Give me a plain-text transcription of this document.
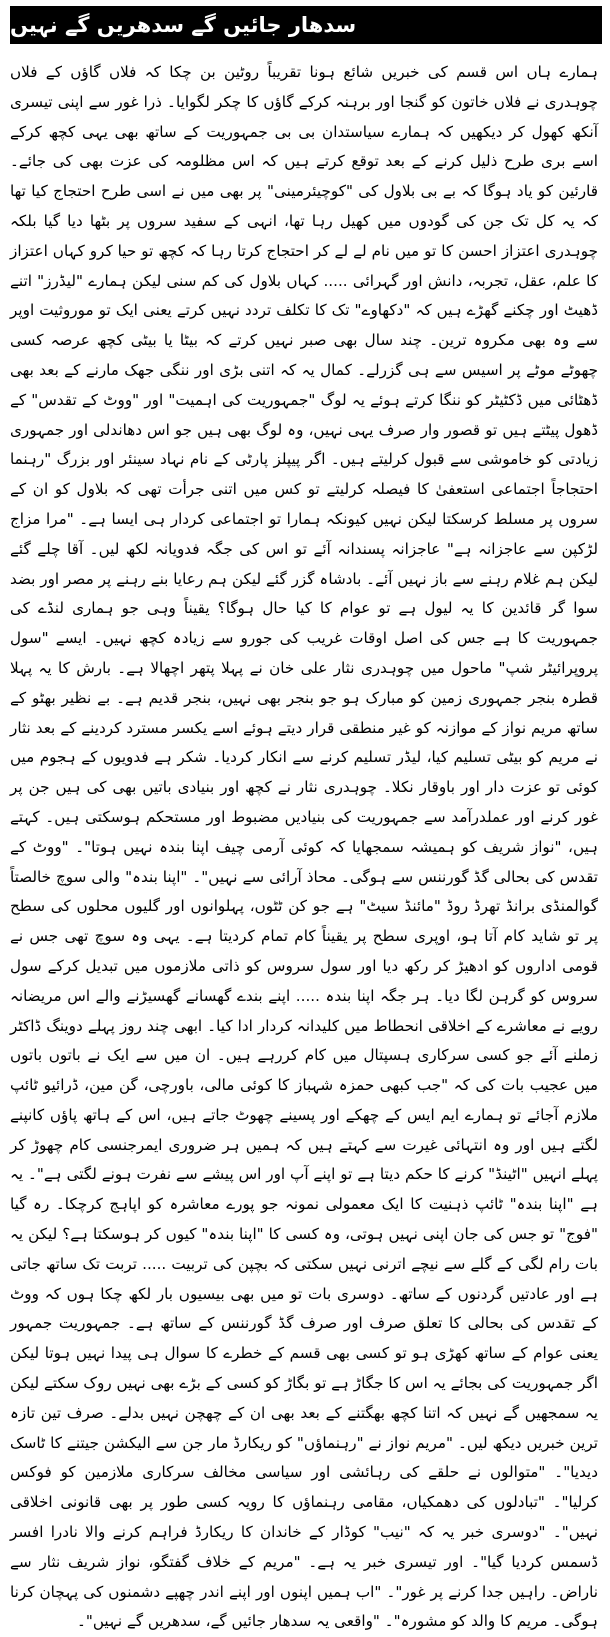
سدھار جائیں گے سدھریں گے نہیں

ہمارے ہاں اس قسم کی خبریں شائع ہونا تقریباً روٹین بن چکا کہ فلاں گاؤں کے فلاں چوہدری نے فلاں خاتون کو گنجا اور برہنہ کرکے گاؤں کا چکر لگوایا۔ ذرا غور سے اپنی تیسری آنکھ کھول کر دیکھیں کہ ہمارے سیاستدان بی بی جمہوریت کے ساتھ بھی یہی کچھ کرکے اسے بری طرح ذلیل کرنے کے بعد توقع کرتے ہیں کہ اس مظلومہ کی عزت بھی کی جائے۔ قارئین کو یاد ہوگا کہ بے بی بلاول کی "کوچیئرمینی" پر بھی میں نے اسی طرح احتجاج کیا تھا کہ یہ کل تک جن کی گودوں میں کھیل رہا تھا، انہی کے سفید سروں پر بٹھا دیا گیا بلکہ چوہدری اعتزاز احسن کا تو میں نام لے لے کر احتجاج کرتا رہا کہ کچھ تو حیا کرو کہاں اعتزاز کا علم، عقل، تجربہ، دانش اور گہرائی ..... کہاں بلاول کی کم سنی لیکن ہمارے "لیڈرز" اتنے ڈھیٹ اور چکنے گھڑے ہیں کہ "دکھاوے" تک کا تکلف تردد نہیں کرتے یعنی ایک تو موروثیت اوپر سے وہ بھی مکروہ ترین۔ چند سال بھی صبر نہیں کرتے کہ بیٹا یا بیٹی کچھ عرصہ کسی چھوٹے موٹے پر اسیس سے ہی گزرلے۔ کمال یہ کہ اتنی بڑی اور ننگی جھک مارنے کے بعد بھی ڈھٹائی میں ڈکٹیٹر کو ننگا کرتے ہوئے یہ لوگ "جمہوریت کی اہمیت" اور "ووٹ کے تقدس" کے ڈھول پیٹتے ہیں تو قصور وار صرف یہی نہیں، وہ لوگ بھی ہیں جو اس دھاندلی اور جمہوری زیادتی کو خاموشی سے قبول کرلیتے ہیں۔ اگر پیپلز پارٹی کے نام نہاد سینئر اور بزرگ "رہنما احتجاجاً اجتماعی استعفیٰ کا فیصلہ کرلیتے تو کس میں اتنی جرأت تھی کہ بلاول کو ان کے سروں پر مسلط کرسکتا لیکن نہیں کیونکہ ہمارا تو اجتماعی کردار ہی ایسا ہے۔ "مرا مزاج لڑکپن سے عاجزانہ ہے" عاجزانہ پسندانہ آئے تو اس کی جگہ فدویانہ لکھ لیں۔ آقا چلے گئے لیکن ہم غلام رہنے سے باز نہیں آئے۔ بادشاہ گزر گئے لیکن ہم رعایا بنے رہنے پر مصر اور بضد سوا گر قائدین کا یہ لیول ہے تو عوام کا کیا حال ہوگا؟ یقیناً وہی جو ہماری لنڈے کی جمہوریت کا ہے جس کی اصل اوقات غریب کی جورو سے زیادہ کچھ نہیں۔ ایسے "سول پروپرائیٹر شپ" ماحول میں چوہدری نثار علی خان نے پہلا پتھر اچھالا ہے۔ بارش کا یہ پہلا قطرہ بنجر جمہوری زمین کو مبارک ہو جو بنجر بھی نہیں، بنجر قدیم ہے۔ بے نظیر بھٹو کے ساتھ مریم نواز کے موازنہ کو غیر منطقی قرار دیتے ہوئے اسے یکسر مسترد کردینے کے بعد نثار نے مریم کو بیٹی تسلیم کیا، لیڈر تسلیم کرنے سے انکار کردیا۔ شکر ہے فدویوں کے ہجوم میں کوئی تو عزت دار اور باوقار نکلا۔ چوہدری نثار نے کچھ اور بنیادی باتیں بھی کی ہیں جن پر غور کرنے اور عملدرآمد سے جمہوریت کی بنیادیں مضبوط اور مستحکم ہوسکتی ہیں۔ کہتے ہیں، "نواز شریف کو ہمیشہ سمجھایا کہ کوئی آرمی چیف اپنا بندہ نہیں ہوتا"۔ "ووٹ کے تقدس کی بحالی گڈ گورننس سے ہوگی۔ محاذ آرائی سے نہیں"۔ "اپنا بندہ" والی سوچ خالصتاً گوالمنڈی برانڈ تھرڈ روڈ "مائنڈ سیٹ" ہے جو کن ٹٹوں، پہلوانوں اور گلیوں محلوں کی سطح پر تو شاید کام آتا ہو، اوپری سطح پر یقیناً کام تمام کردیتا ہے۔ یہی وہ سوچ تھی جس نے قومی اداروں کو ادھیڑ کر رکھ دیا اور سول سروس کو ذاتی ملازموں میں تبدیل کرکے سول سروس کو گرہن لگا دیا۔ ہر جگہ اپنا بندہ ..... اپنے بندے گھسانے گھسیڑنے والے اس مریضانہ رویے نے معاشرے کے اخلاقی انحطاط میں کلیدانہ کردار ادا کیا۔ ابھی چند روز پہلے دوینگ ڈاکٹر زملنے آئے جو کسی سرکاری ہسپتال میں کام کررہے ہیں۔ ان میں سے ایک نے باتوں باتوں میں عجیب بات کی کہ "جب کبھی حمزہ شہباز کا کوئی مالی، باورچی، گن مین، ڈرائیو ٹائپ ملازم آجائے تو ہمارے ایم ایس کے چھکے اور پسینے چھوٹ جاتے ہیں، اس کے ہاتھ پاؤں کانپنے لگتے ہیں اور وہ انتہائی غیرت سے کہتے ہیں کہ ہمیں ہر ضروری ایمرجنسی کام چھوڑ کر پہلے انہیں "اٹینڈ" کرنے کا حکم دیتا ہے تو اپنے آپ اور اس پیشے سے نفرت ہونے لگتی ہے"۔ یہ ہے "اپنا بندہ" ٹائپ ذہنیت کا ایک معمولی نمونہ جو پورے معاشرہ کو اپاہج کرچکا۔ رہ گیا "فوج" تو جس کی جان اپنی نہیں ہوتی، وہ کسی کا "اپنا بندہ" کیوں کر ہوسکتا ہے؟ لیکن یہ بات رام لگی کے گلے سے نیچے اترنی نہیں سکتی کہ بچپن کی تربیت ..... تربت تک ساتھ جاتی ہے اور عادتیں گردنوں کے ساتھ۔ دوسری بات تو میں بھی بیسیوں بار لکھ چکا ہوں کہ ووٹ کے تقدس کی بحالی کا تعلق صرف اور صرف گڈ گورننس کے ساتھ ہے۔ جمہوریت جمہور یعنی عوام کے ساتھ کھڑی ہو تو کسی بھی قسم کے خطرے کا سوال ہی پیدا نہیں ہوتا لیکن اگر جمہوریت کی بجائے یہ اس کا جگاڑ ہے تو بگاڑ کو کسی کے بڑے بھی نہیں روک سکتے لیکن یہ سمجھیں گے نہیں کہ اتنا کچھ بھگتنے کے بعد بھی ان کے چھچن نہیں بدلے۔ صرف تین تازہ ترین خبریں دیکھ لیں۔ "مریم نواز نے "رہنماؤں" کو ریکارڈ مار جن سے الیکشن جیتنے کا ٹاسک دیدیا"۔ "متوالوں نے حلقے کی رہائشی اور سیاسی مخالف سرکاری ملازمین کو فوکس کرلیا"۔ "تبادلوں کی دھمکیاں، مقامی رہنماؤں کا رویہ کسی طور پر بھی قانونی اخلاقی نہیں"۔ "دوسری خبر یہ کہ "نیب" کوڈار کے خاندان کا ریکارڈ فراہم کرنے والا نادرا افسر ڈسمس کردیا گیا"۔ اور تیسری خبر یہ ہے۔ "مریم کے خلاف گفتگو، نواز شریف نثار سے ناراض۔ راہیں جدا کرنے پر غور"۔ "اب ہمیں اپنوں اور اپنے اندر چھپے دشمنوں کی پہچان کرنا ہوگی۔ مریم کا والد کو مشورہ"۔ "واقعی یہ سدھار جائیں گے، سدھریں گے نہیں"۔
